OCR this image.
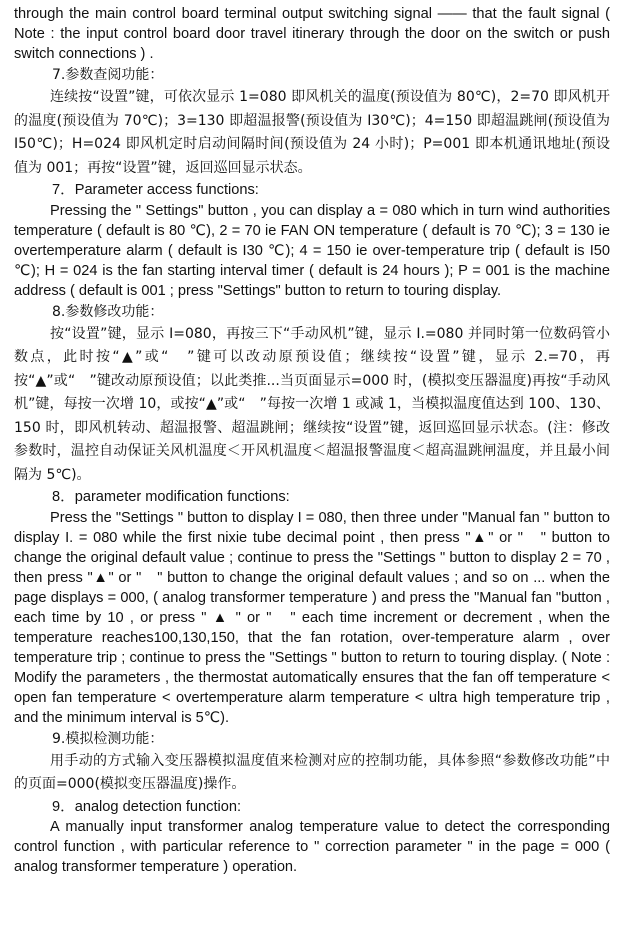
through the main control board terminal output switching signal —— that the fault signal ( Note : the input control board door travel itinerary through the door on the switch or push switch connections ) .

7.参数查阅功能：

连续按“设置”键，可依次显示 1=080 即风机关的温度(预设值为 80℃)，2=70 即风机开的温度(预设值为 70℃)；3=130 即超温报警(预设值为 I30℃)；4=150 即超温跳闸(预设值为 I50℃)；H=024 即风机定时启动间隔时间(预设值为 24 小时)；P=001 即本机通讯地址(预设值为 001；再按“设置”键，返回巡回显示状态。

7．Parameter access functions:

Pressing the " Settings" button , you can display a = 080 which in turn wind authorities temperature ( default is 80 ℃), 2 = 70 ie FAN ON temperature ( default is 70 ℃); 3 = 130 ie overtemperature alarm ( default is I30 ℃); 4 = 150 ie over-temperature trip ( default is I50 ℃); H = 024 is the fan starting interval timer ( default is 24 hours ); P = 001 is the machine address ( default is 001 ; press "Settings" button to return to touring display.

8.参数修改功能：

按“设置”键，显示 I=080，再按三下“手动风机”键，显示 I.=080 并同时第一位数码管小数点，此时按“▲”或“　”键可以改动原预设值；继续按“设置”键，显示 2.=70，再按“▲”或“　”键改动原预设值；以此类推...当页面显示=000 时，(模拟变压器温度)再按“手动风机”键，每按一次增 10，或按“▲”或“　”每按一次增 1 或减 1，当模拟温度值达到 100、130、150 时，即风机转动、超温报警、超温跳闸；继续按“设置”键，返回巡回显示状态。(注：修改参数时，温控自动保证关风机温度＜开风机温度＜超温报警温度＜超高温跳闸温度，并且最小间隔为 5℃)。

8．parameter modification functions:

Press the "Settings " button to display I = 080, then three under "Manual fan " button to display I. = 080 while the first nixie tube decimal point , then press "▲" or "　" button to change the original default value ; continue to press the "Settings " button to display 2 = 70 , then press "▲" or "　" button to change the original default values ; and so on ... when the page displays = 000, ( analog transformer temperature ) and press the "Manual fan "button , each time by 10 , or press " ▲ " or "　" each time increment or decrement , when the temperature reaches100,130,150, that the fan rotation, over-temperature alarm , over temperature trip ; continue to press the "Settings " button to return to touring display. ( Note : Modify the parameters , the thermostat automatically ensures that the fan off temperature < open fan temperature < overtemperature alarm temperature < ultra high temperature trip , and the minimum interval is 5℃).

9.模拟检测功能：

用手动的方式输入变压器模拟温度值来检测对应的控制功能，具体参照“参数修改功能”中的页面=000(模拟变压器温度)操作。

9．analog detection function:

A manually input transformer analog temperature value to detect the corresponding control function , with particular reference to " correction parameter " in the page = 000 ( analog transformer temperature ) operation.
